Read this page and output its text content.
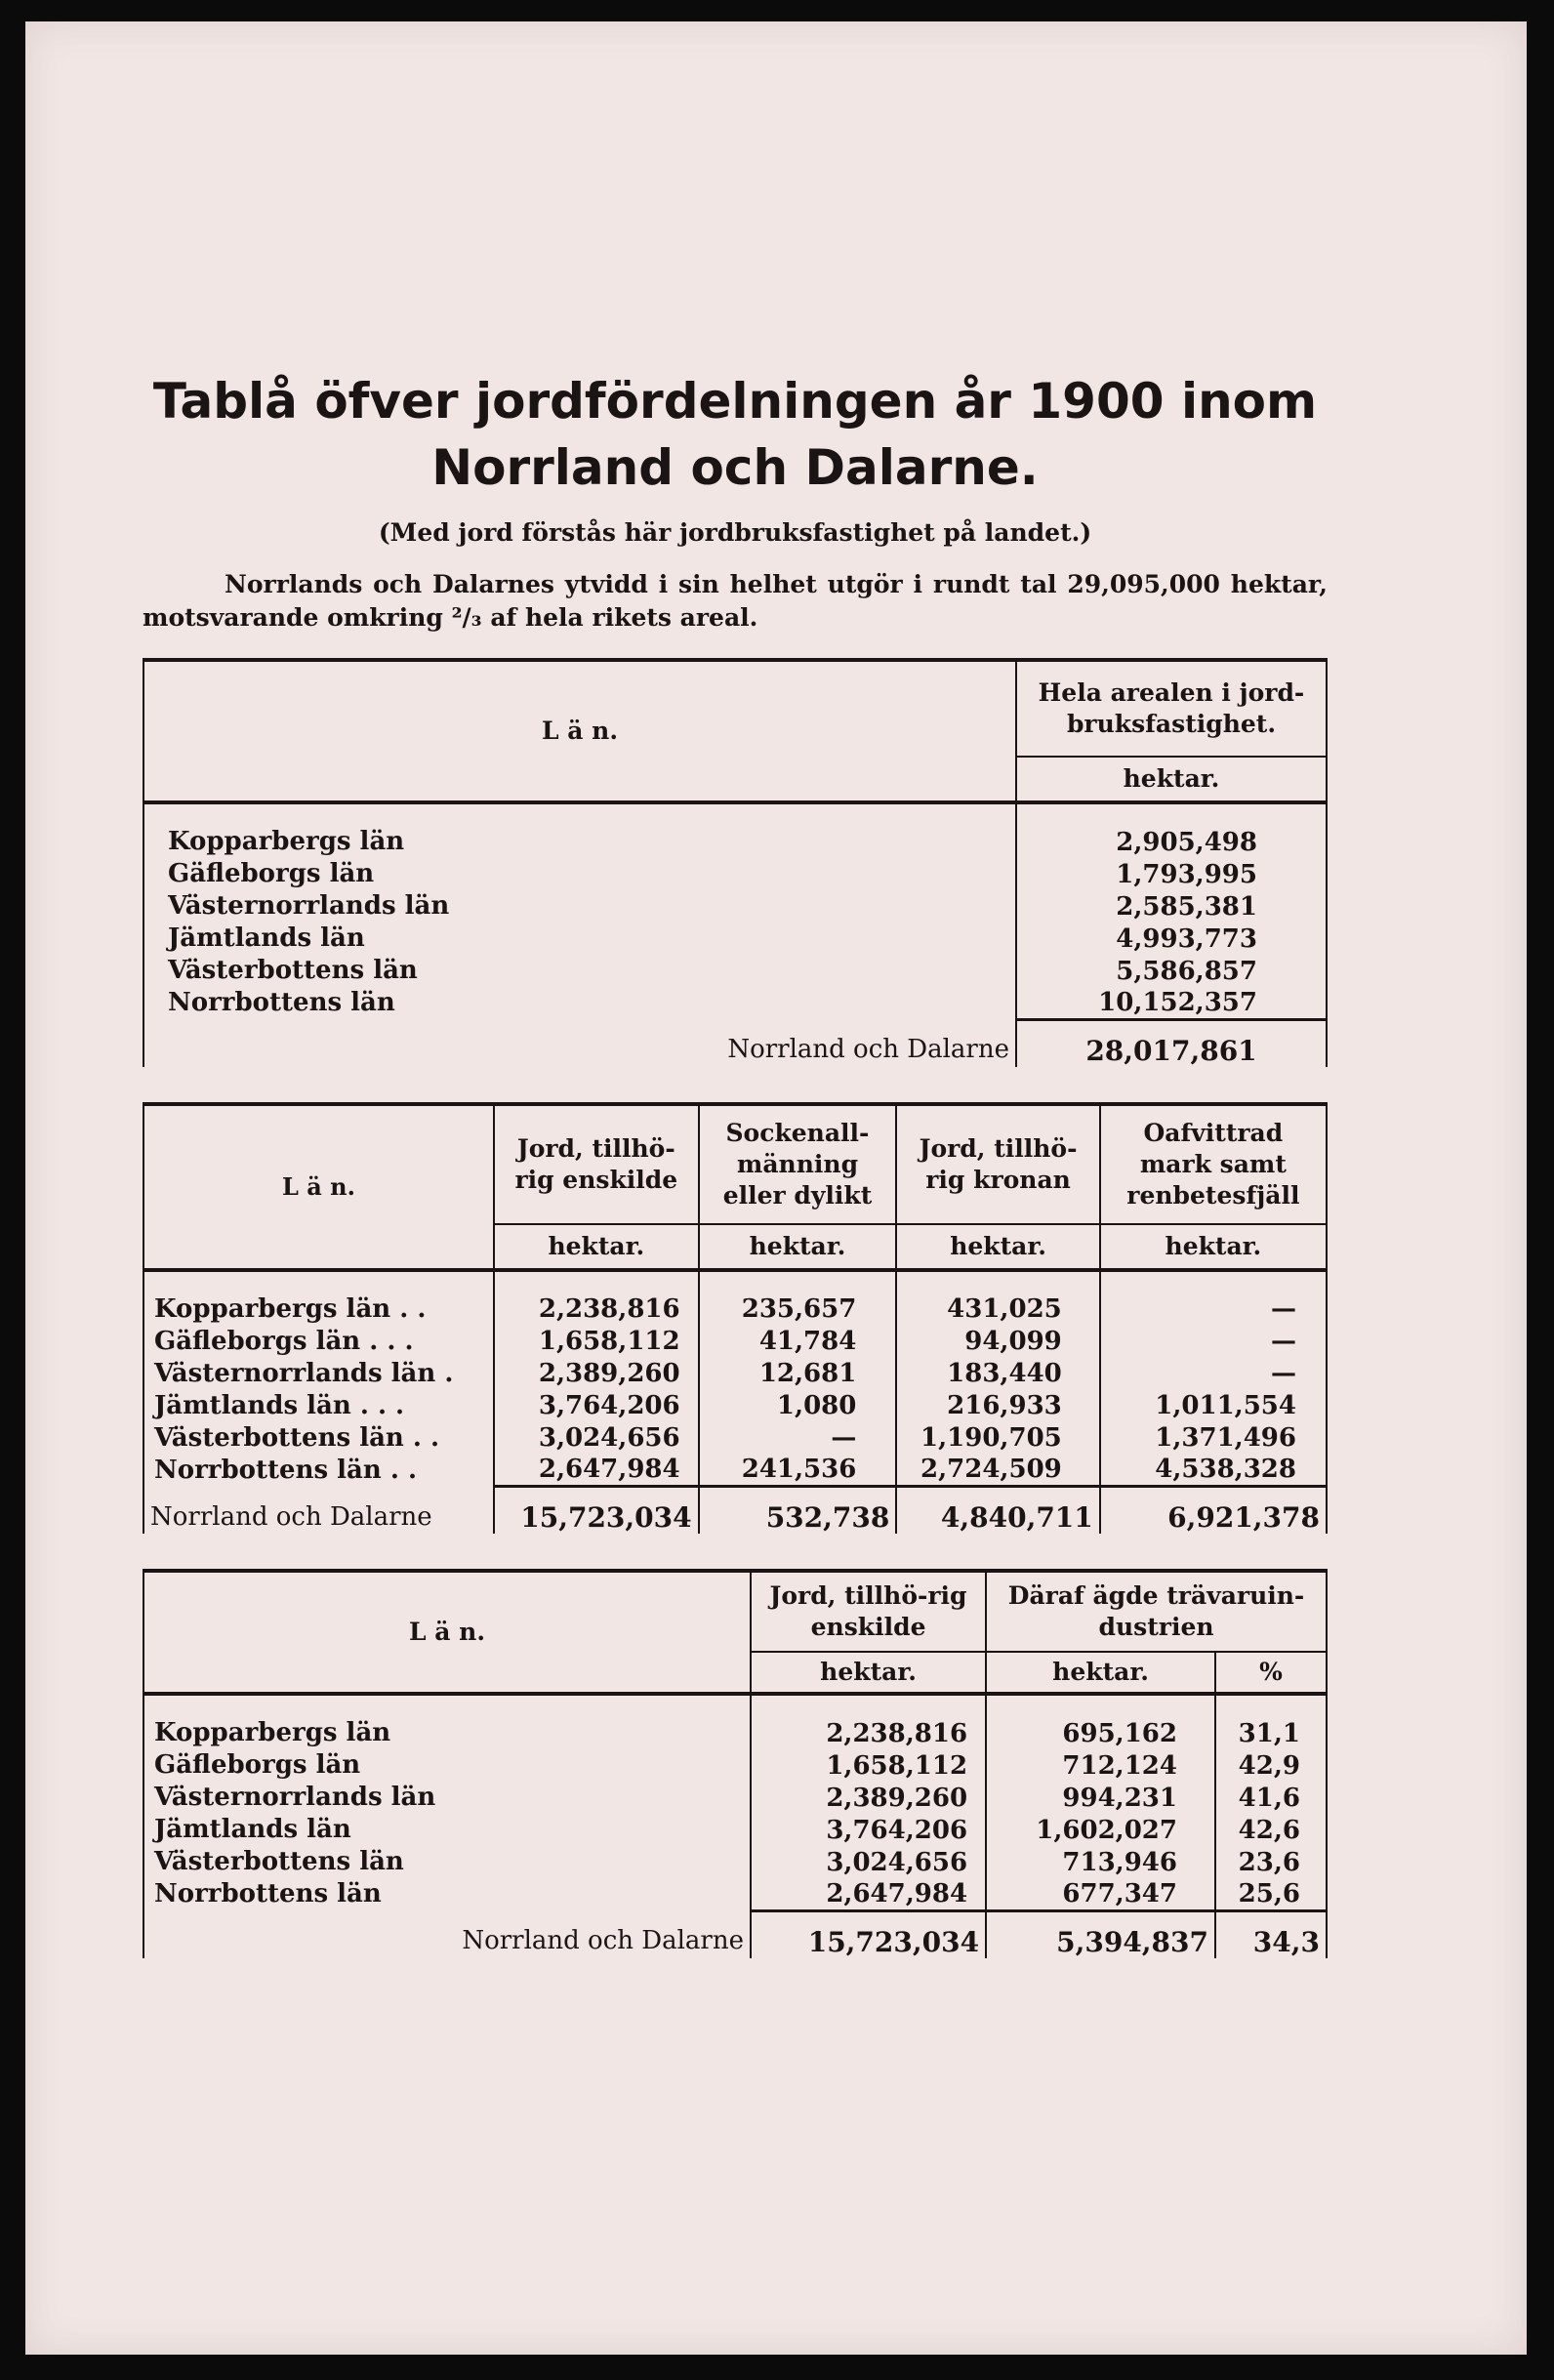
Tablå öfver jordfördelningen år 1900 inom
Norrland och Dalarne.
(Med jord förstås här jordbruksfastighet på landet.)
Norrlands och Dalarnes ytvidd i sin helhet utgör i rundt tal 29,095,000 hektar, motsvarande omkring ²/₃ af hela rikets areal.
L ä n.	Hela arealen i jord-bruksfastighet.
	hektar.

Kopparbergs län	2,905,498
Gäfleborgs län	1,793,995
Västernorrlands län	2,585,381
Jämtlands län	4,993,773
Västerbottens län	5,586,857
Norrbottens län	10,152,357
Norrland och Dalarne	28,017,861
L ä n.	Jord, tillhö-rig enskilde	Sockenall-männing eller dylikt	Jord, tillhö-rig kronan	Oafvittrad mark samt renbetesfjäll
	hektar.	hektar.	hektar.	hektar.

Kopparbergs län . .	2,238,816	235,657	431,025	—
Gäfleborgs län . . .	1,658,112	41,784	94,099	—
Västernorrlands län .	2,389,260	12,681	183,440	—
Jämtlands län . . .	3,764,206	1,080	216,933	1,011,554
Västerbottens län . .	3,024,656	—	1,190,705	1,371,496
Norrbottens län . .	2,647,984	241,536	2,724,509	4,538,328
Norrland och Dalarne	15,723,034	532,738	4,840,711	6,921,378
L ä n.	Jord, tillhö-rig enskilde	Däraf ägde trävaruin-dustrien	
	hektar.	hektar.	%

Kopparbergs län	2,238,816	695,162	31,1
Gäfleborgs län	1,658,112	712,124	42,9
Västernorrlands län	2,389,260	994,231	41,6
Jämtlands län	3,764,206	1,602,027	42,6
Västerbottens län	3,024,656	713,946	23,6
Norrbottens län	2,647,984	677,347	25,6
Norrland och Dalarne	15,723,034	5,394,837	34,3
